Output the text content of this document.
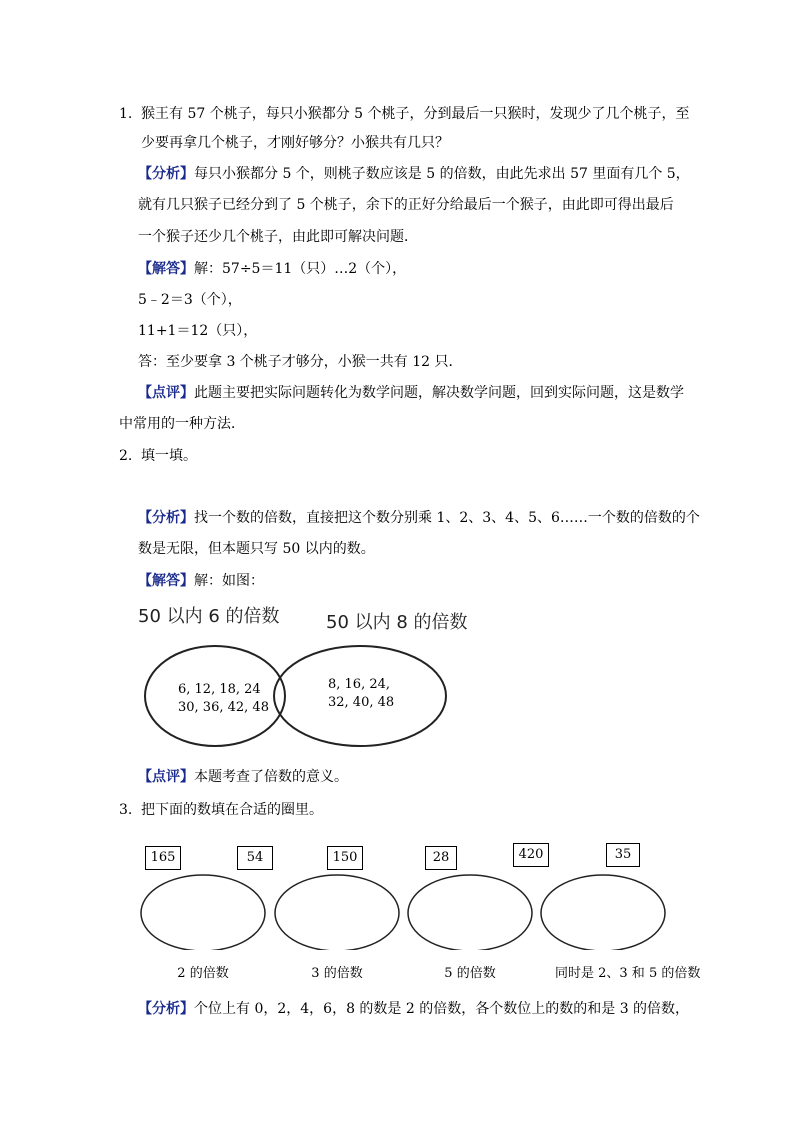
1. 猴王有 57 个桃子，每只小猴都分 5 个桃子，分到最后一只猴时，发现少了几个桃子，至
少要再拿几个桃子，才刚好够分？小猴共有几只？
【分析】每只小猴都分 5 个，则桃子数应该是 5 的倍数，由此先求出 57 里面有几个 5，
就有几只猴子已经分到了 5 个桃子，余下的正好分给最后一个猴子，由此即可得出最后
一个猴子还少几个桃子，由此即可解决问题．
【解答】解：57÷5＝11（只）…2（个），
5﹣2＝3（个），
11+1＝12（只），
答：至少要拿 3 个桃子才够分，小猴一共有 12 只．
【点评】此题主要把实际问题转化为数学问题，解决数学问题，回到实际问题，这是数学
中常用的一种方法．
2. 填一填。
【分析】找一个数的倍数，直接把这个数分别乘 1、2、3、4、5、6……一个数的倍数的个
数是无限，但本题只写 50 以内的数。
【解答】解：如图：
50 以内 6 的倍数	50 以内 8 的倍数
6, 12, 18, 24
30, 36, 42, 48
8, 16, 24,
32, 40, 48
【点评】本题考查了倍数的意义。
3. 把下面的数填在合适的圈里。
165	54	150	28	420	35
2 的倍数	3 的倍数	5 的倍数	同时是 2、3 和 5 的倍数
【分析】个位上有 0，2，4，6，8 的数是 2 的倍数，各个数位上的数的和是 3 的倍数，
